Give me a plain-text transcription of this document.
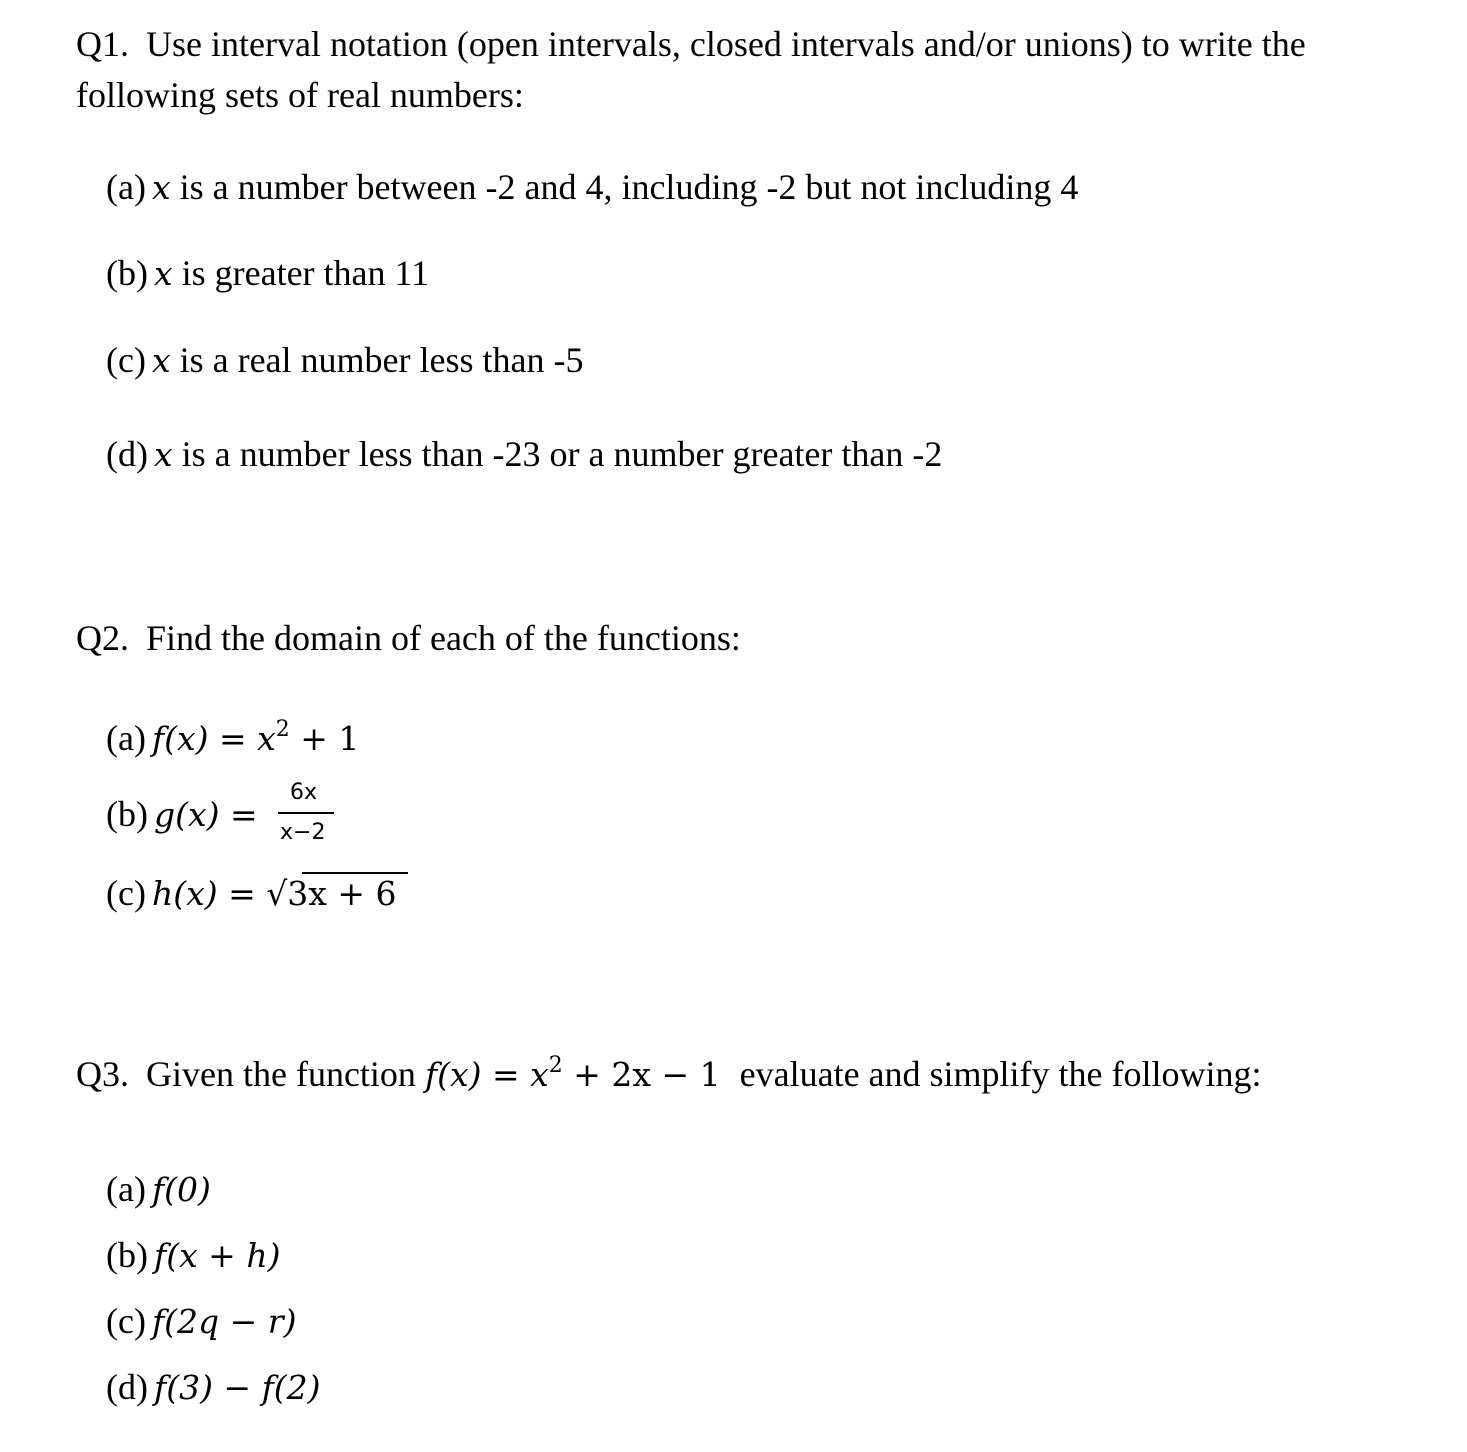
Q1. Use interval notation (open intervals, closed intervals and/or unions) to write the
following sets of real numbers:
(a) x is a number between -2 and 4, including -2 but not including 4
(b) x is greater than 11
(c) x is a real number less than -5
(d) x is a number less than -23 or a number greater than -2
Q2. Find the domain of each of the functions:
(a) $f(x) = x^2 + 1$
(b) g(x) =
6x
x−2
(c) h(x) = √3x + 6
Q3. Given the function $f(x) = x^2 + 2x - 1$ evaluate and simplify the following:
(a) f(0)
(b) f(x + h)
(c) f(2q − r)
(d) f(3) − f(2)
